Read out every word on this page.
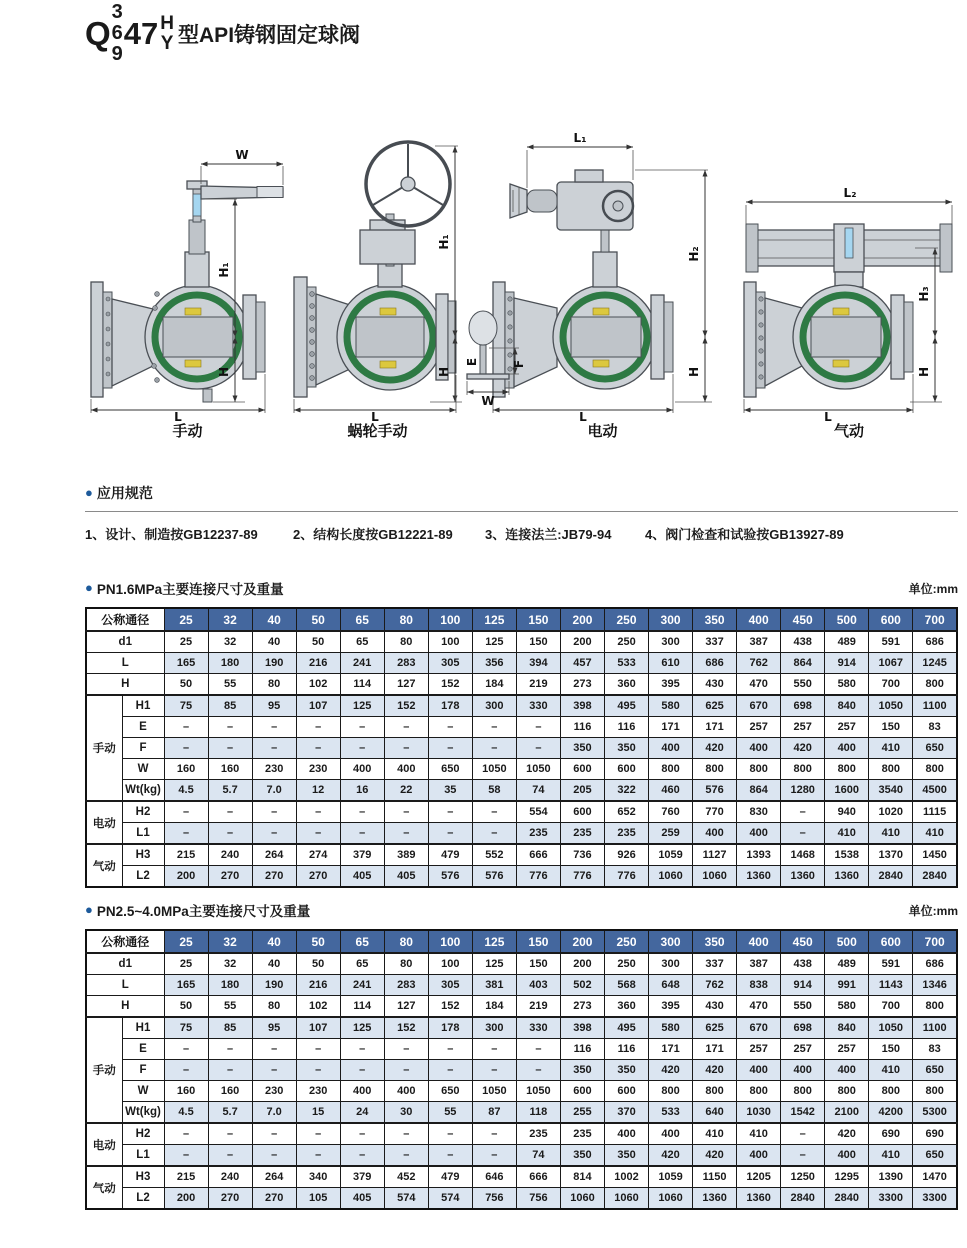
Q
3
6
9
47 H
Y 型API铸钢固定球阀
W
H₁
H
L
手动
H₁
H
L
蜗轮手动
L₁
H₂
H
L
E	F
W
电动
L₂
H₃
H
L
气动
● 应用规范
1、设计、制造按GB12237-89	2、结构长度按GB12221-89	3、连接法兰:JB79-94	4、阀门检查和试验按GB13927-89
● PN1.6MPa主要连接尺寸及重量	单位:mm
公称通径		25	32	40	50	65	80	100	125	150	200	250	300	350	400	450	500	600	700
d1		25	32	40	50	65	80	100	125	150	200	250	300	337	387	438	489	591	686
L		165	180	190	216	241	283	305	356	394	457	533	610	686	762	864	914	1067	1245
H		50	55	80	102	114	127	152	184	219	273	360	395	430	470	550	580	700	800
手动	H1	75	85	95	107	125	152	178	300	330	398	495	580	625	670	698	840	1050	1100
	E	–	–	–	–	–	–	–	–	–	116	116	171	171	257	257	257	150	83
	F	–	–	–	–	–	–	–	–	–	350	350	400	420	400	420	400	410	650
	W	160	160	230	230	400	400	650	1050	1050	600	600	800	800	800	800	800	800	800
	Wt(kg)	4.5	5.7	7.0	12	16	22	35	58	74	205	322	460	576	864	1280	1600	3540	4500
电动	H2	–	–	–	–	–	–	–	–	554	600	652	760	770	830	–	940	1020	1115
	L1	–	–	–	–	–	–	–	–	235	235	235	259	400	400	–	410	410	410
气动	H3	215	240	264	274	379	389	479	552	666	736	926	1059	1127	1393	1468	1538	1370	1450
	L2	200	270	270	270	405	405	576	576	776	776	776	1060	1060	1360	1360	1360	2840	2840
● PN2.5~4.0MPa主要连接尺寸及重量	单位:mm
公称通径		25	32	40	50	65	80	100	125	150	200	250	300	350	400	450	500	600	700
d1		25	32	40	50	65	80	100	125	150	200	250	300	337	387	438	489	591	686
L		165	180	190	216	241	283	305	381	403	502	568	648	762	838	914	991	1143	1346
H		50	55	80	102	114	127	152	184	219	273	360	395	430	470	550	580	700	800
手动	H1	75	85	95	107	125	152	178	300	330	398	495	580	625	670	698	840	1050	1100
	E	–	–	–	–	–	–	–	–	–	116	116	171	171	257	257	257	150	83
	F	–	–	–	–	–	–	–	–	–	350	350	420	420	400	400	400	410	650
	W	160	160	230	230	400	400	650	1050	1050	600	600	800	800	800	800	800	800	800
	Wt(kg)	4.5	5.7	7.0	15	24	30	55	87	118	255	370	533	640	1030	1542	2100	4200	5300
电动	H2	–	–	–	–	–	–	–	–	235	235	400	400	410	410	–	420	690	690
	L1	–	–	–	–	–	–	–	–	74	350	350	420	420	400	–	400	410	650
气动	H3	215	240	264	340	379	452	479	646	666	814	1002	1059	1150	1205	1250	1295	1390	1470
	L2	200	270	270	105	405	574	574	756	756	1060	1060	1060	1360	1360	2840	2840	3300	3300
